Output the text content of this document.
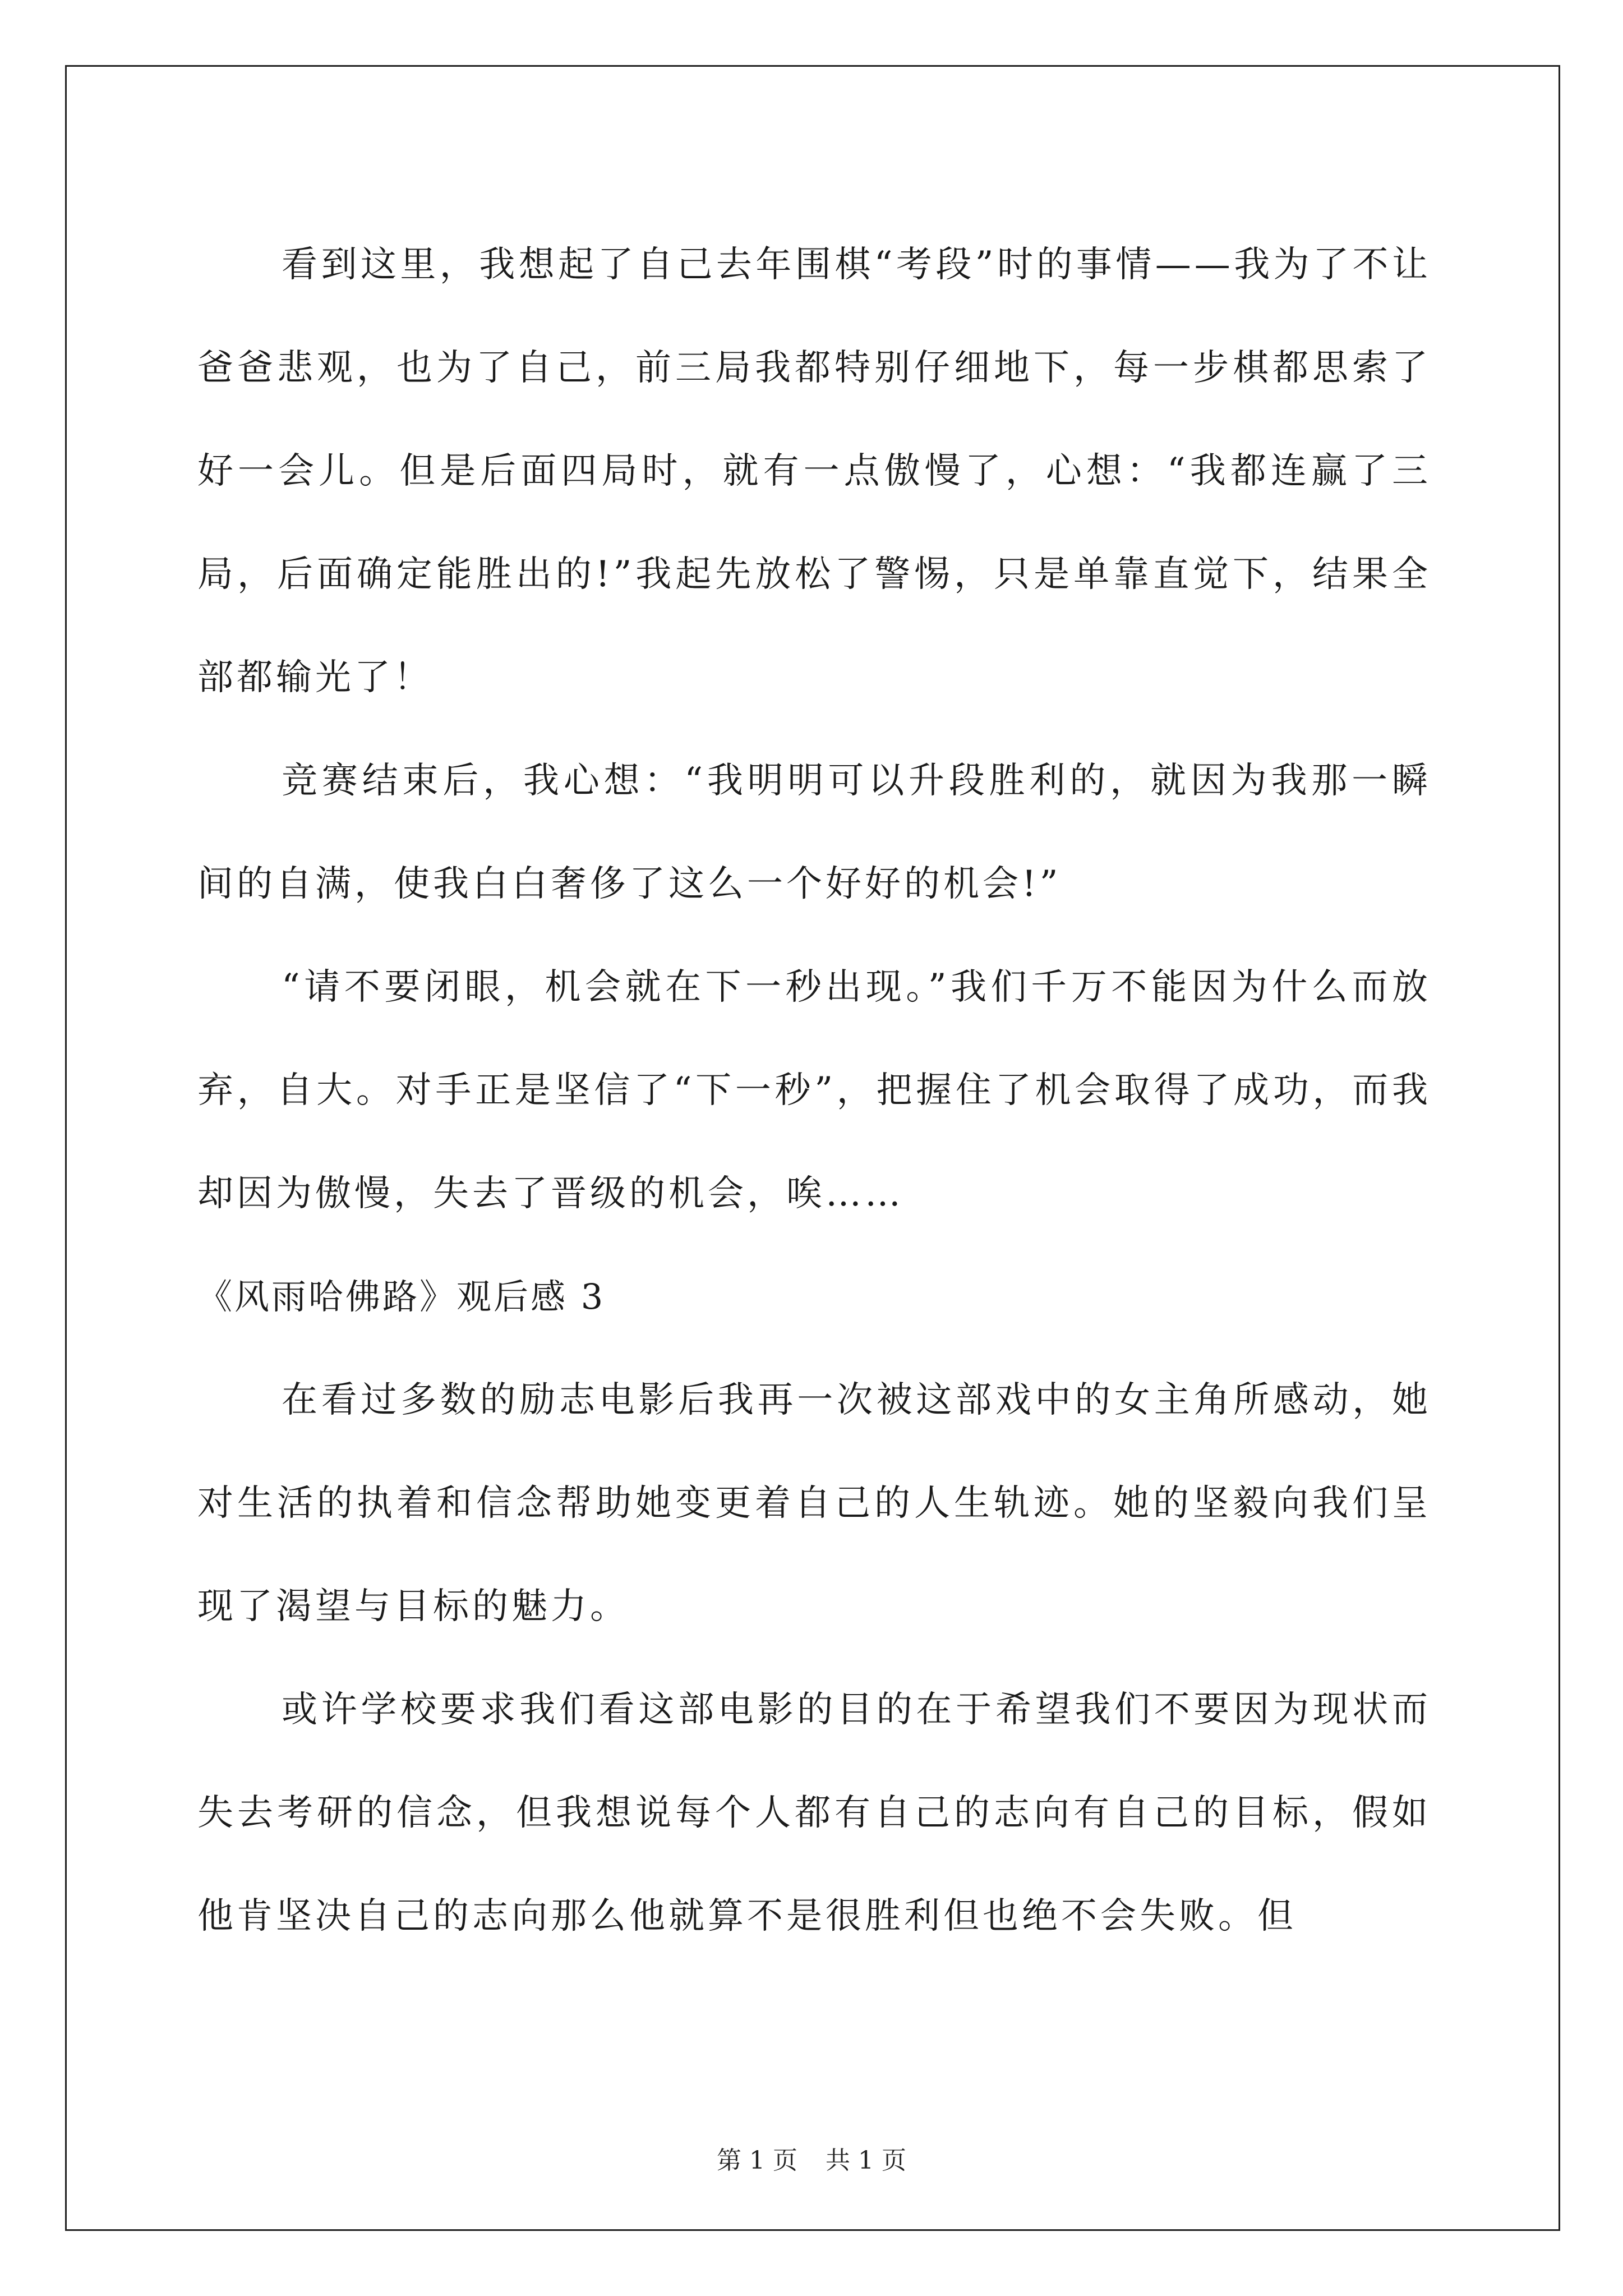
看到这里，我想起了自己去年围棋“考段”时的事情——我为了不让爸爸悲观，也为了自己，前三局我都特别仔细地下，每一步棋都思索了好一会儿。但是后面四局时，就有一点傲慢了，心想：“我都连赢了三局，后面确定能胜出的!”我起先放松了警惕，只是单靠直觉下，结果全部都输光了！

竞赛结束后，我心想：“我明明可以升段胜利的，就因为我那一瞬间的自满，使我白白奢侈了这么一个好好的机会!”

“请不要闭眼，机会就在下一秒出现。”我们千万不能因为什么而放弃，自大。对手正是坚信了“下一秒”，把握住了机会取得了成功，而我却因为傲慢，失去了晋级的机会，唉……

《风雨哈佛路》观后感 3

在看过多数的励志电影后我再一次被这部戏中的女主角所感动，她对生活的执着和信念帮助她变更着自己的人生轨迹。她的坚毅向我们呈现了渴望与目标的魅力。

或许学校要求我们看这部电影的目的在于希望我们不要因为现状而失去考研的信念，但我想说每个人都有自己的志向有自己的目标，假如他肯坚决自己的志向那么他就算不是很胜利但也绝不会失败。但

第 1 页 共 1 页
